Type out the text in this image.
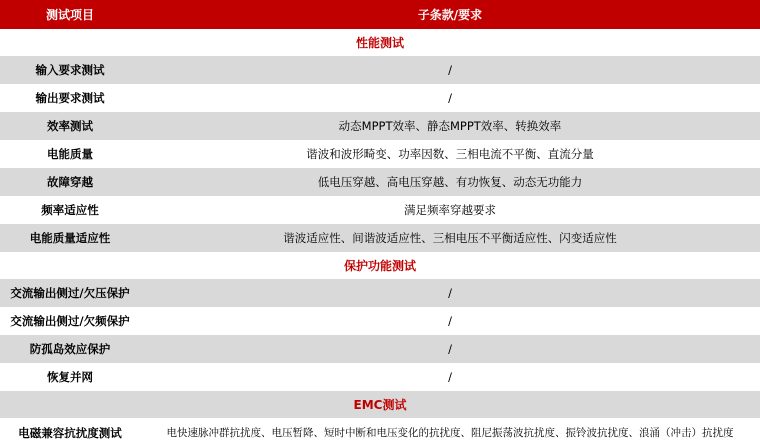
测试项目	子条款/要求
性能测试	
输入要求测试	/
输出要求测试	/
效率测试	动态MPPT效率、静态MPPT效率、转换效率
电能质量	谐波和波形畸变、功率因数、三相电流不平衡、直流分量
故障穿越	低电压穿越、高电压穿越、有功恢复、动态无功能力
频率适应性	满足频率穿越要求
电能质量适应性	谐波适应性、间谐波适应性、三相电压不平衡适应性、闪变适应性
保护功能测试	
交流输出侧过/欠压保护	/
交流输出侧过/欠频保护	/
防孤岛效应保护	/
恢复并网	/
EMC测试	
电磁兼容抗扰度测试	电快速脉冲群抗扰度、电压暂降、短时中断和电压变化的抗扰度、阻尼振荡波抗扰度、振铃波抗扰度、浪涌（冲击）抗扰度
